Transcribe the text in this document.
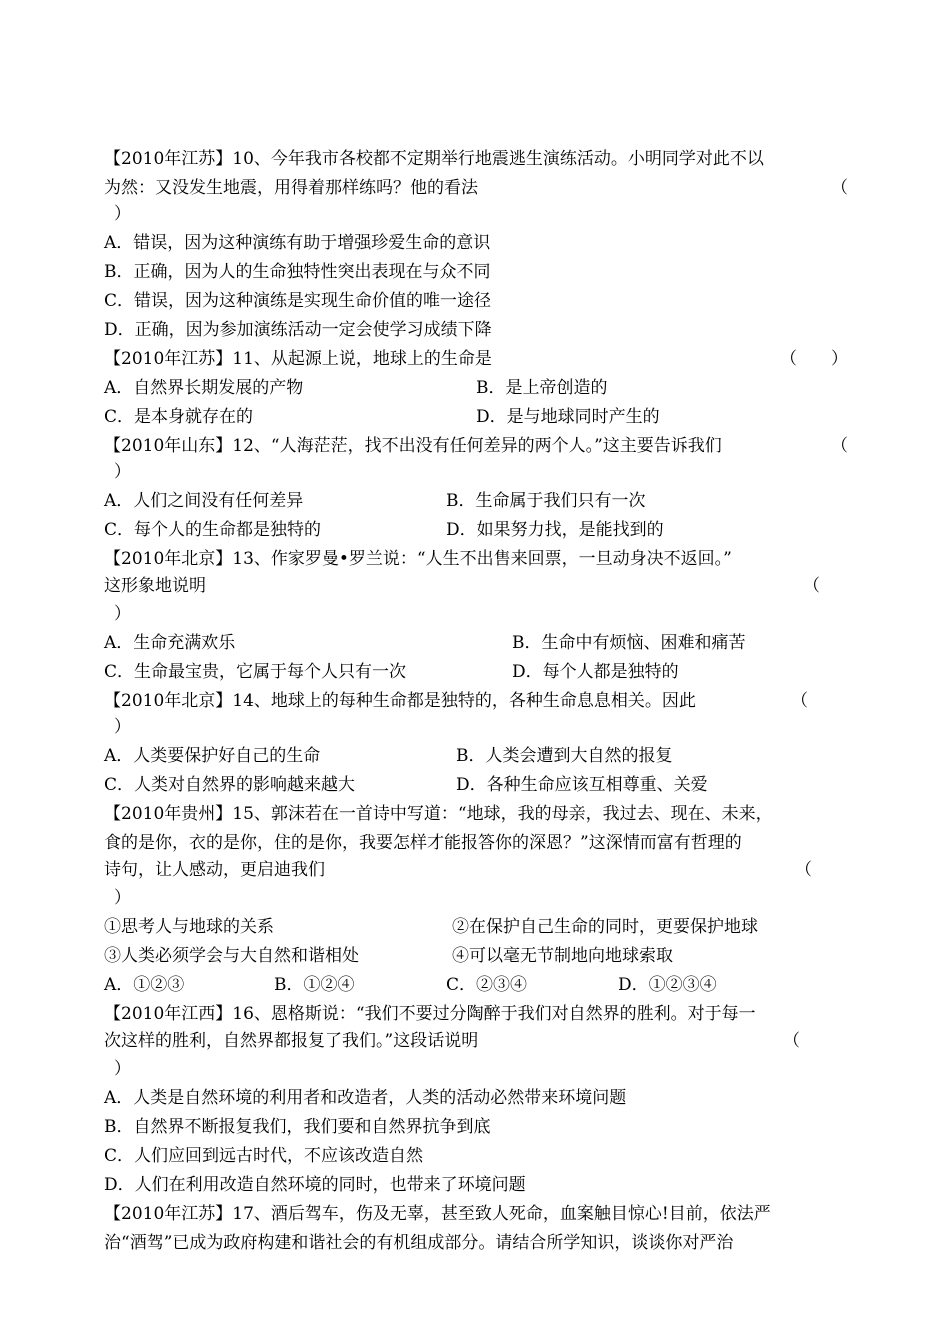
【2010年江苏】10、今年我市各校都不定期举行地震逃生演练活动。小明同学对此不以
为然：又没发生地震，用得着那样练吗？他的看法	（
）
A．错误，因为这种演练有助于增强珍爱生命的意识
B．正确，因为人的生命独特性突出表现在与众不同
C．错误，因为这种演练是实现生命价值的唯一途径
D．正确，因为参加演练活动一定会使学习成绩下降
【2010年江苏】11、从起源上说，地球上的生命是	（　　）
A．自然界长期发展的产物	B．是上帝创造的
C．是本身就存在的	D．是与地球同时产生的
【2010年山东】12、“人海茫茫，找不出没有任何差异的两个人。”这主要告诉我们	（
）
A．人们之间没有任何差异	B．生命属于我们只有一次
C．每个人的生命都是独特的	D．如果努力找，是能找到的
【2010年北京】13、作家罗曼•罗兰说：“人生不出售来回票，一旦动身决不返回。”
这形象地说明	（
）
A．生命充满欢乐	B．生命中有烦恼、困难和痛苦
C．生命最宝贵，它属于每个人只有一次	D．每个人都是独特的
【2010年北京】14、地球上的每种生命都是独特的，各种生命息息相关。因此	（
）
A．人类要保护好自己的生命	B．人类会遭到大自然的报复
C．人类对自然界的影响越来越大	D．各种生命应该互相尊重、关爱
【2010年贵州】15、郭沫若在一首诗中写道：“地球，我的母亲，我过去、现在、未来，
食的是你，衣的是你，住的是你，我要怎样才能报答你的深恩？”这深情而富有哲理的
诗句，让人感动，更启迪我们	（
）
①思考人与地球的关系	②在保护自己生命的同时，更要保护地球
③人类必须学会与大自然和谐相处	④可以毫无节制地向地球索取
A．①②③	B．①②④	C．②③④	D．①②③④
【2010年江西】16、恩格斯说：“我们不要过分陶醉于我们对自然界的胜利。对于每一
次这样的胜利，自然界都报复了我们。”这段话说明	（
）
A．人类是自然环境的利用者和改造者，人类的活动必然带来环境问题
B．自然界不断报复我们，我们要和自然界抗争到底
C．人们应回到远古时代，不应该改造自然
D．人们在利用改造自然环境的同时，也带来了环境问题
【2010年江苏】17、酒后驾车，伤及无辜，甚至致人死命，血案触目惊心!目前，依法严
治“酒驾”已成为政府构建和谐社会的有机组成部分。请结合所学知识，谈谈你对严治
